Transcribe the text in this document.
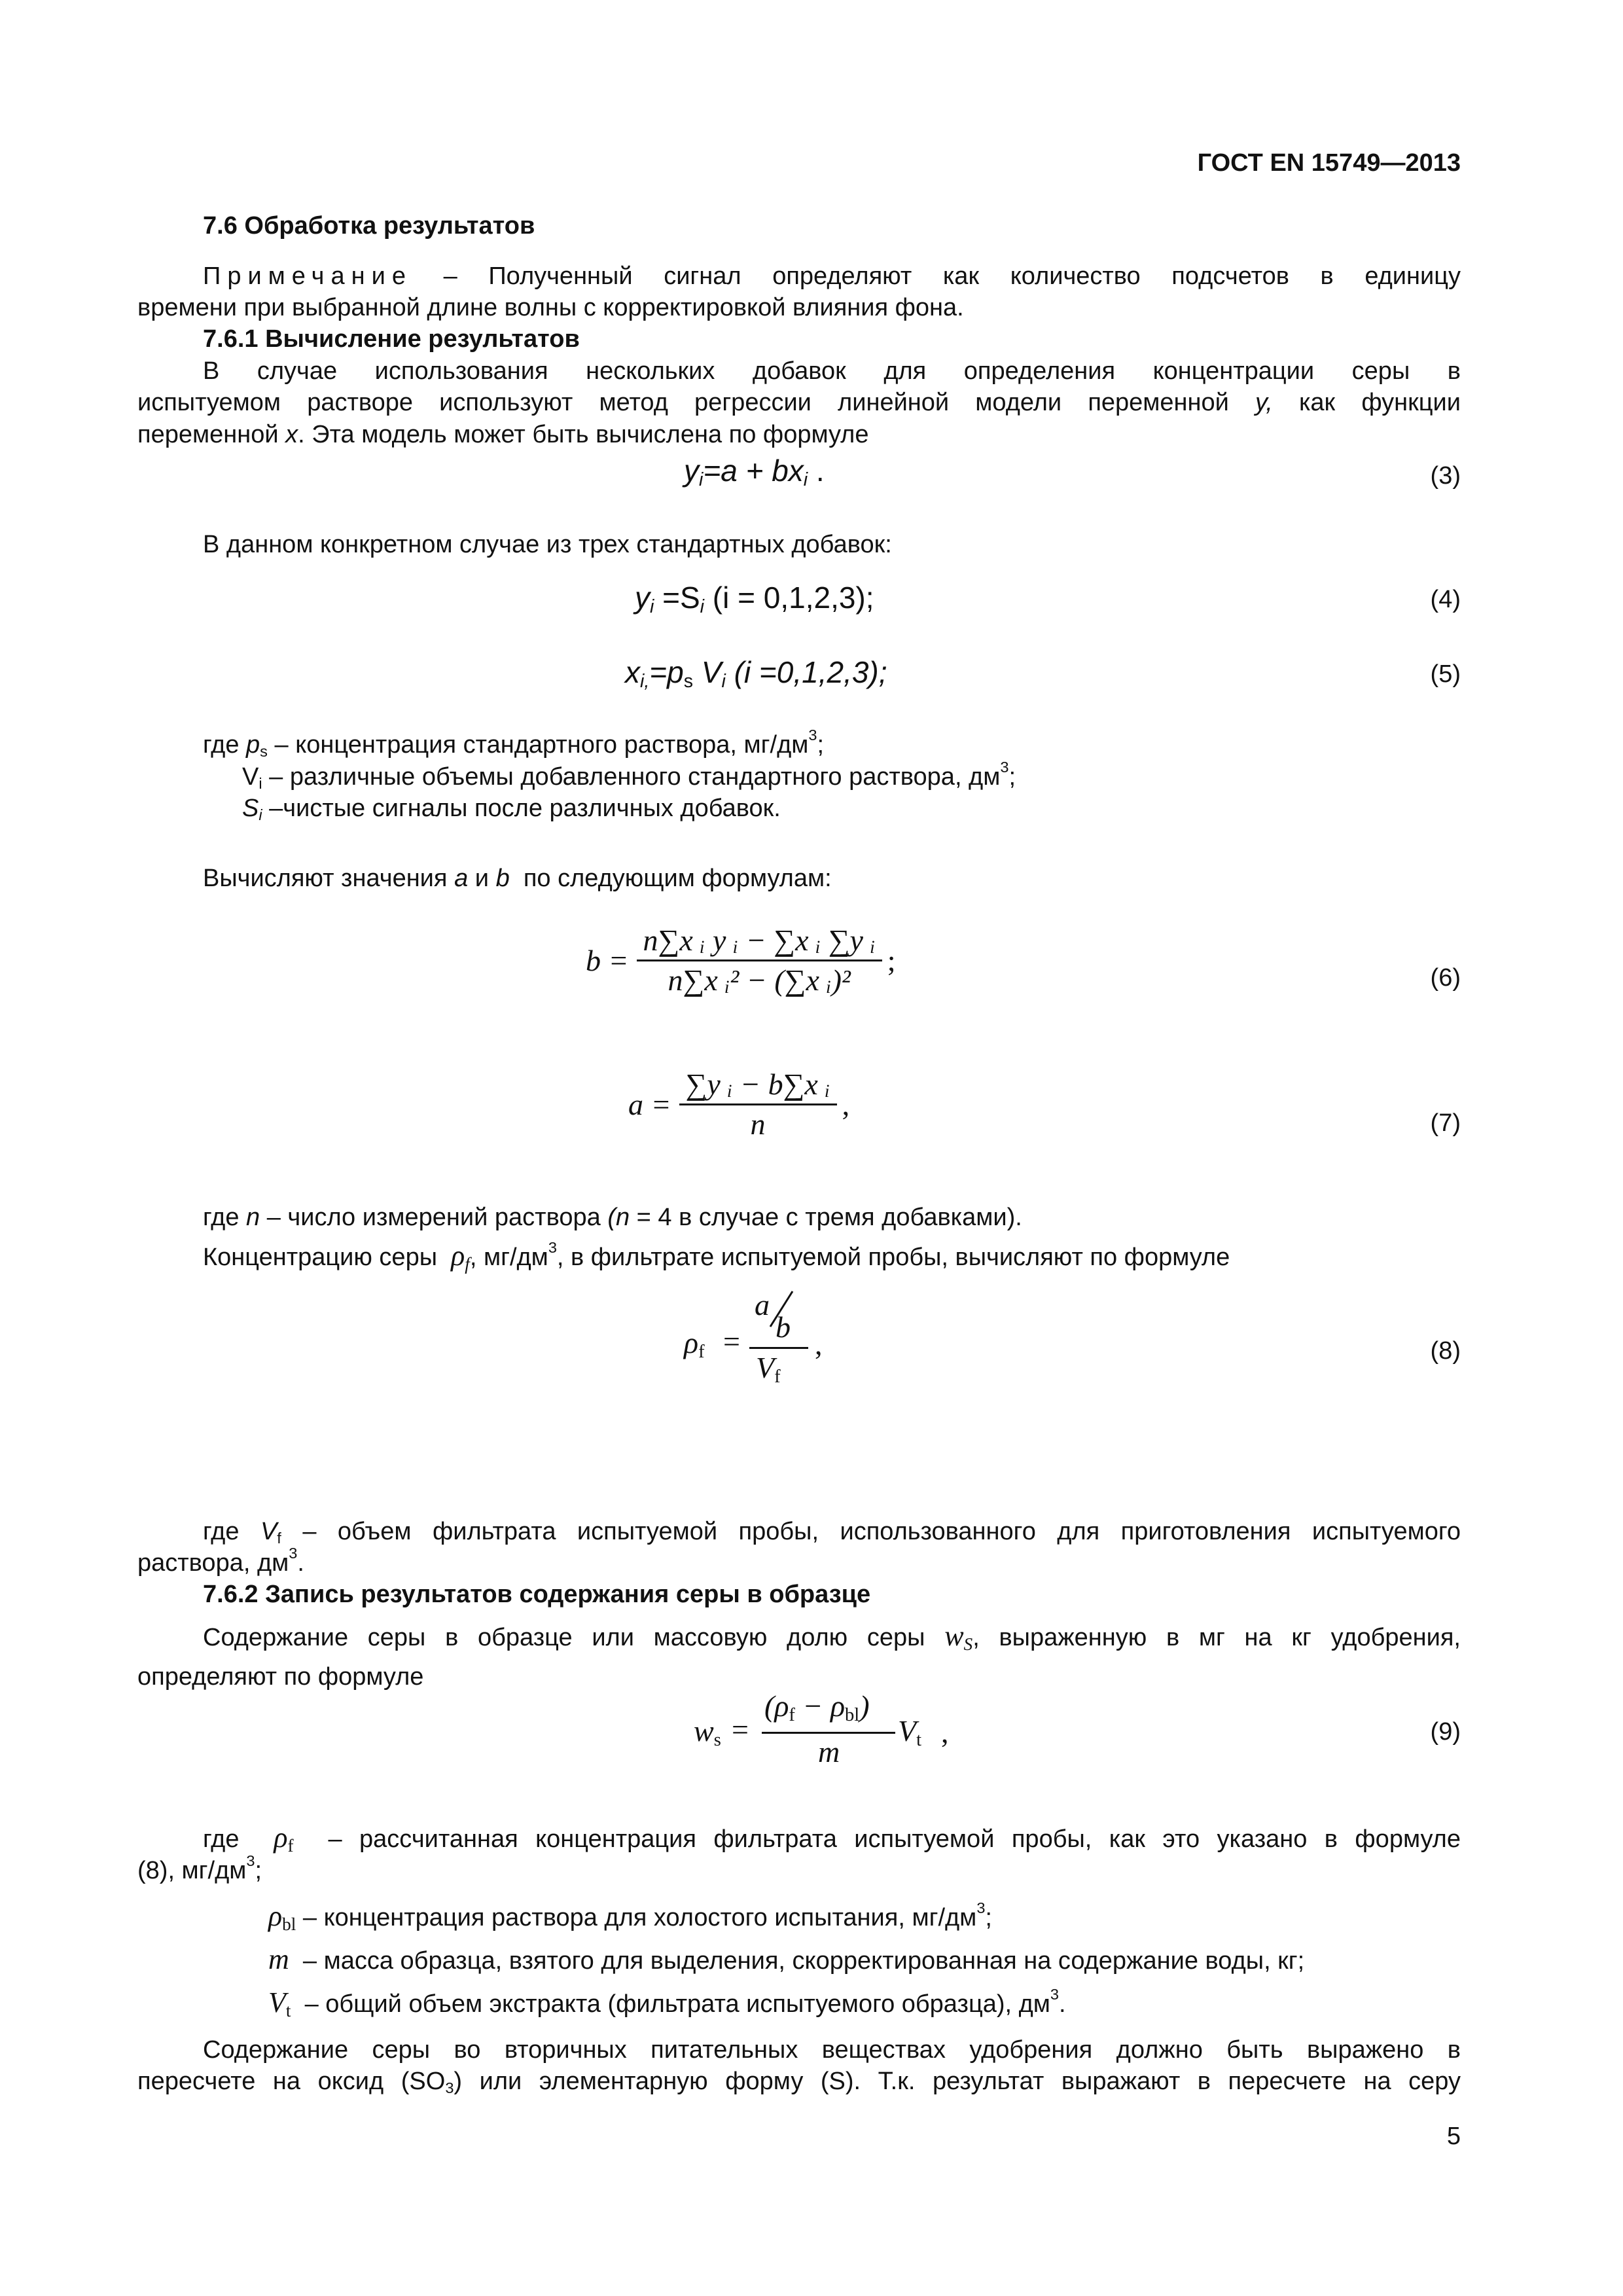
ГОСТ EN 15749—2013
7.6 Обработка результатов
Примечание – Полученный сигнал определяют как количество подсчетов в единицу
времени при выбранной длине волны с корректировкой влияния фона.
7.6.1 Вычисление результатов
В случае использования нескольких добавок для определения концентрации серы в
испытуемом растворе используют метод регрессии линейной модели переменной y, как функции
переменной x. Эта модель может быть вычислена по формуле
$y_i=a + bx_i$ .	(3)
В данном конкретном случае из трех стандартных добавок:
$y_i =S_i$ (i = 0,1,2,3);	(4)
$x_{i,}=p_s$ $V_i$ (i =0,1,2,3);	(5)
где $p_s$ – концентрация стандартного раствора, $мг/дм^3$;
$V_i$ – различные объемы добавленного стандартного раствора, $дм^3$;
$S_i$ –чистые сигналы после различных добавок.
Вычисляют значения a и b по следующим формулам:
$b = \frac{\text{n∑x ᵢ y ᵢ − ∑x ᵢ ∑y ᵢ}}{\text{n∑x ᵢ² − (∑x ᵢ)²}}$ ;
(6)
$a = \frac{\text{∑y ᵢ − b∑x ᵢ}}{n}$ ,
(7)
где n – число измерений раствора (n = 4 в случае с тремя добавками).
Концентрацию серы $\rho_f$, $мг/дм^3$, в фильтрате испытуемой пробы, вычисляют по формуле
$\rho_f$ =
a
b
$V_f$
,	(8)
где $V_f$ – объем фильтрата испытуемой пробы, использованного для приготовления испытуемого
раствора, $дм^3$.
7.6.2 Запись результатов содержания серы в образце
Содержание серы в образце или массовую долю серы $w_S$, выраженную в мг на кг удобрения,
определяют по формуле
$w_s$ =
$(\rho_f - \rho_{bl})$
m
$V_t$ ,	(9)
где $\rho_f$ – рассчитанная концентрация фильтрата испытуемой пробы, как это указано в формуле
(8), $мг/дм^3$;
$\rho_{bl}$ – концентрация раствора для холостого испытания, $мг/дм^3$;
m – масса образца, взятого для выделения, скорректированная на содержание воды, кг;
$V_t$ – общий объем экстракта (фильтрата испытуемого образца), $дм^3$.
Содержание серы во вторичных питательных веществах удобрения должно быть выражено в
пересчете на оксид $(SO_3)$ или элементарную форму (S). Т.к. результат выражают в пересчете на серу
5
